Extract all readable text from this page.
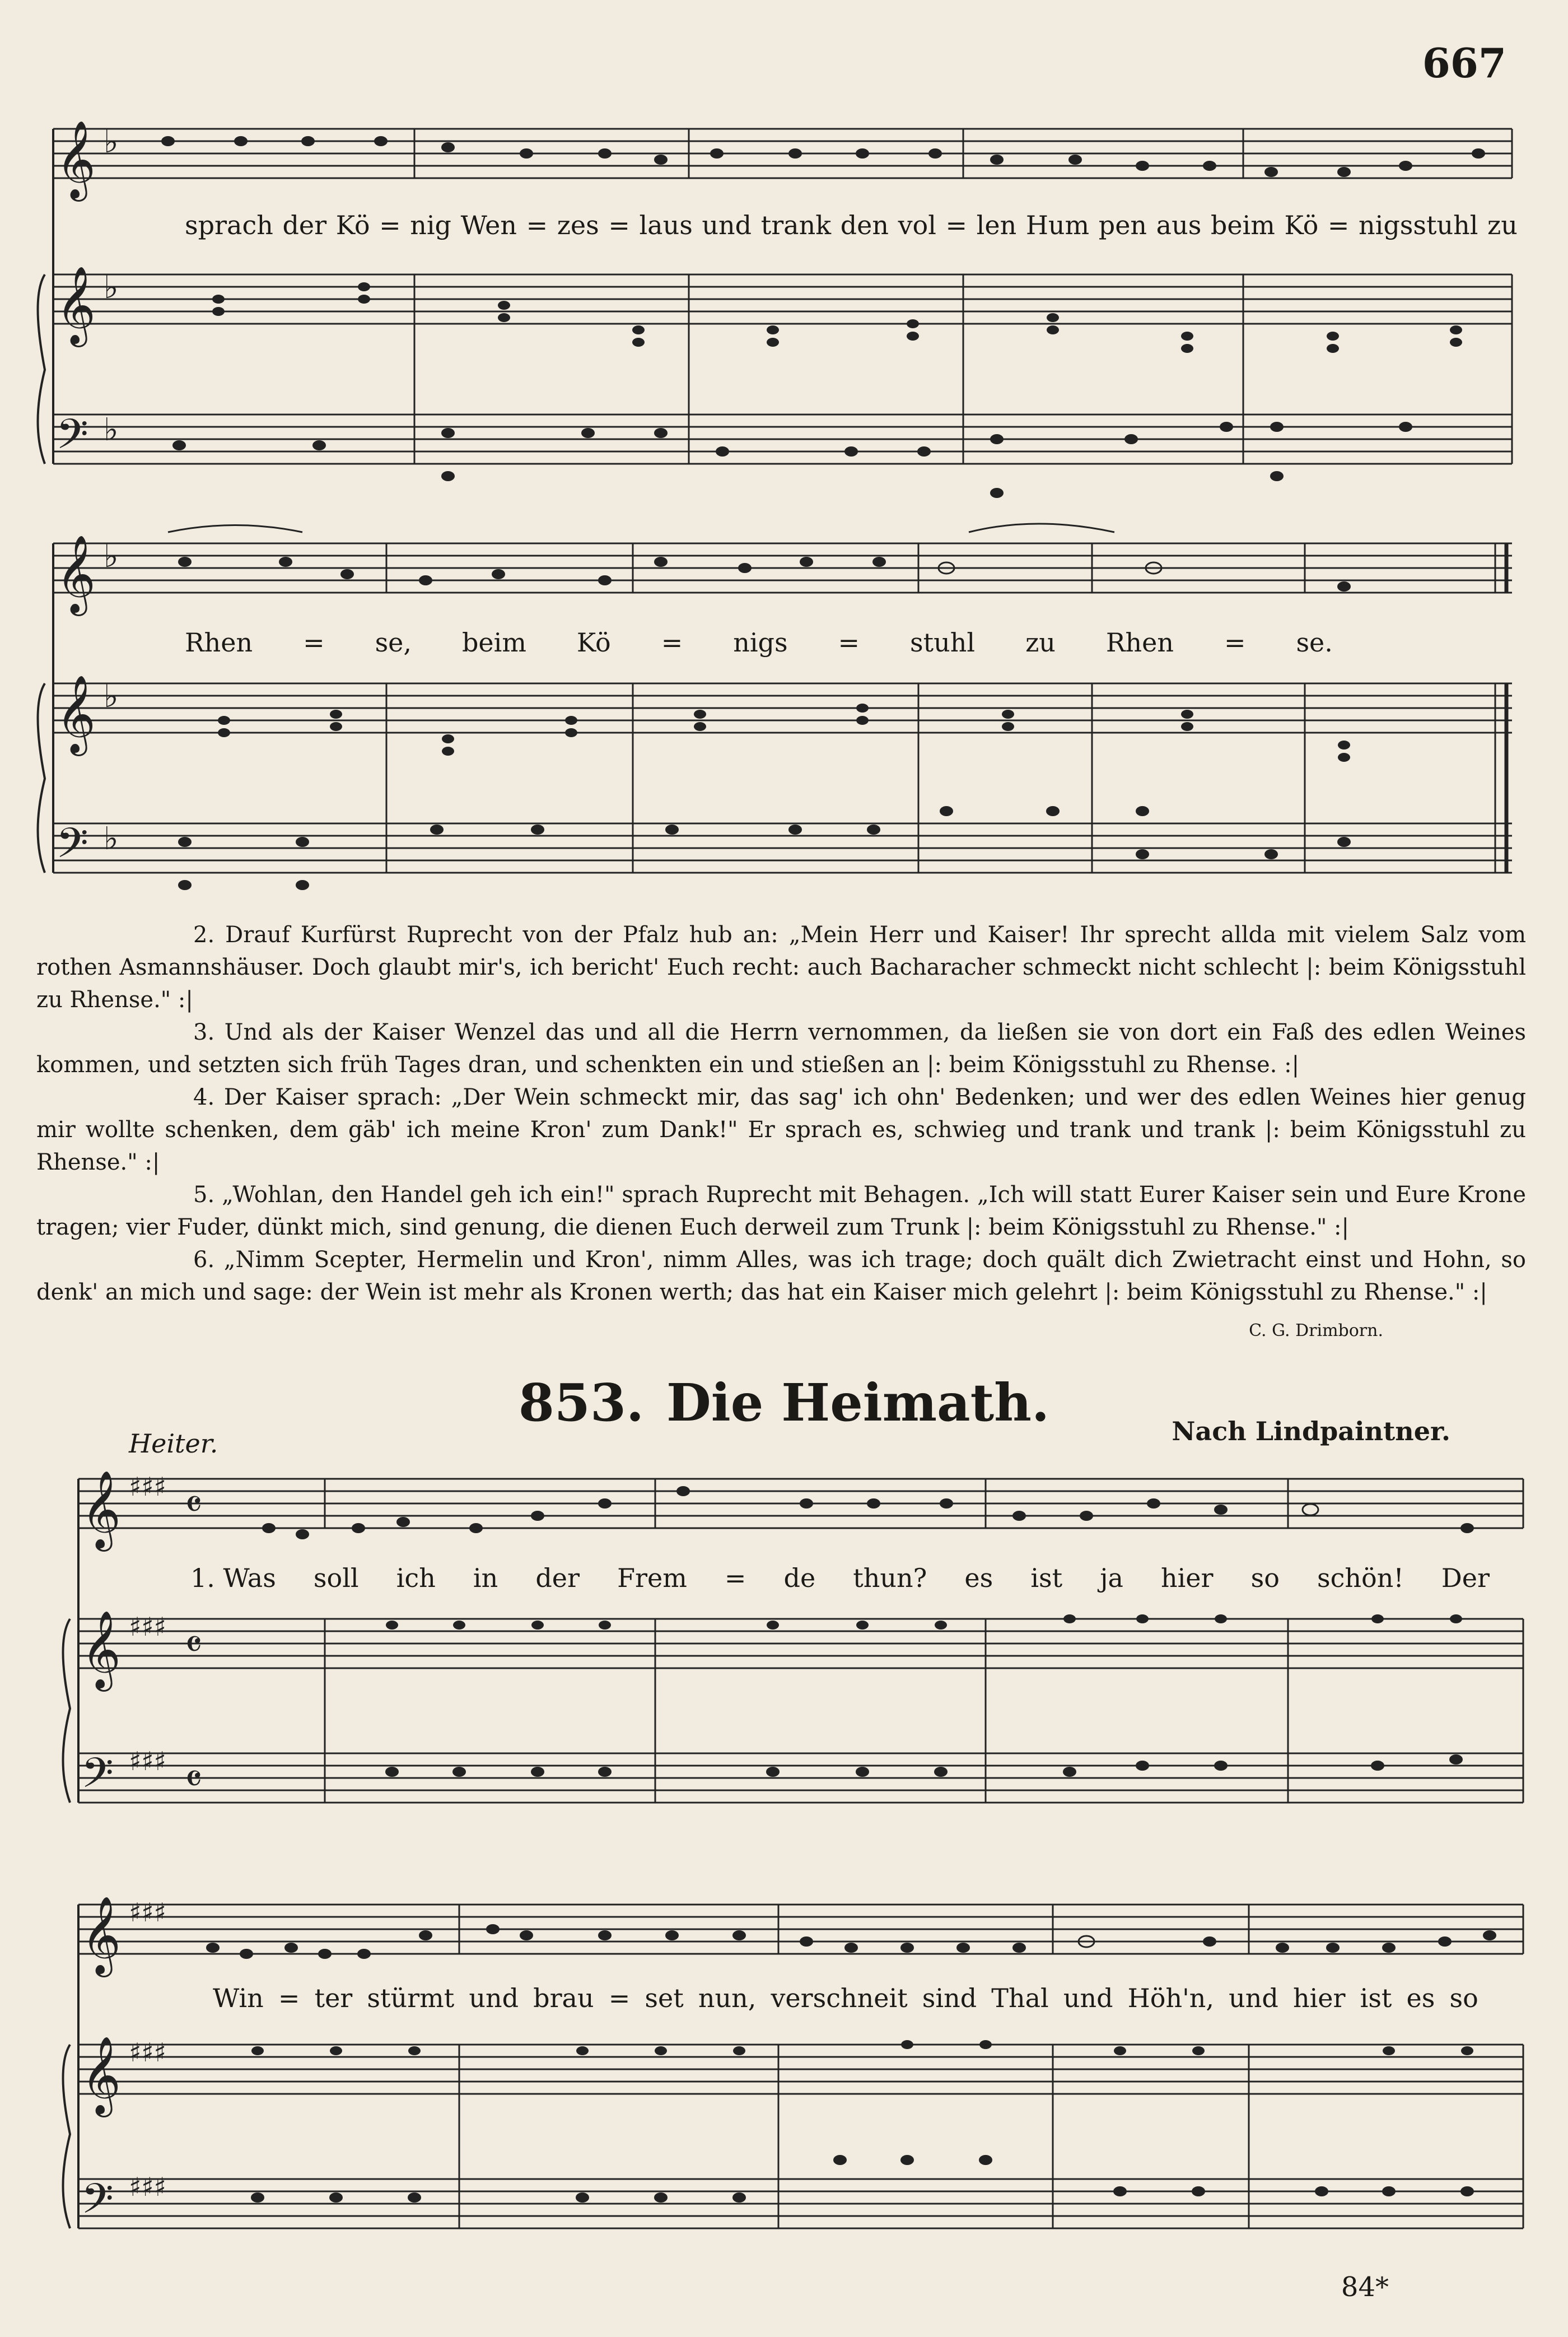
667
𝄞
𝄞
𝄢
♭
♭
♭
sprach der Kö = nig Wen = zes = laus und trank den vol = len Hum pen aus beim Kö = nigsstuhl zu
𝄞
𝄞
𝄢
♭
♭
♭
Rhen = se, beim Kö = nigs = stuhl zu Rhen = se.

2. Drauf Kurfürst Ruprecht von der Pfalz hub an: „Mein Herr und Kaiser! Ihr sprecht allda mit vielem Salz vom rothen Asmannshäuser. Doch glaubt mir's, ich bericht' Euch recht: auch Bacharacher schmeckt nicht schlecht |: beim Königsstuhl zu Rhense." :|

3. Und als der Kaiser Wenzel das und all die Herrn vernommen, da ließen sie von dort ein Faß des edlen Weines kommen, und setzten sich früh Tages dran, und schenkten ein und stießen an |: beim Königsstuhl zu Rhense. :|

4. Der Kaiser sprach: „Der Wein schmeckt mir, das sag' ich ohn' Bedenken; und wer des edlen Weines hier genug mir wollte schenken, dem gäb' ich meine Kron' zum Dank!" Er sprach es, schwieg und trank und trank |: beim Königsstuhl zu Rhense." :|

5. „Wohlan, den Handel geh ich ein!" sprach Ruprecht mit Behagen. „Ich will statt Eurer Kaiser sein und Eure Krone tragen; vier Fuder, dünkt mich, sind genung, die dienen Euch derweil zum Trunk |: beim Königsstuhl zu Rhense." :|

6. „Nimm Scepter, Hermelin und Kron', nimm Alles, was ich trage; doch quält dich Zwietracht einst und Hohn, so denk' an mich und sage: der Wein ist mehr als Kronen werth; das hat ein Kaiser mich gelehrt |: beim Königsstuhl zu Rhense." :|

C. G. Drimborn.
853. Die Heimath.	Nach Lindpaintner.
Heiter.
𝄞
𝄞
𝄢
♯♯♯
♯♯♯
♯♯♯
𝄴
𝄴
𝄴
1. Was soll ich in der Frem = de thun? es ist ja hier so schön! Der
𝄞
𝄞
𝄢
♯♯♯
♯♯♯
♯♯♯
Win = ter stürmt und brau = set nun, verschneit sind Thal und Höh'n, und hier ist es so
84*
